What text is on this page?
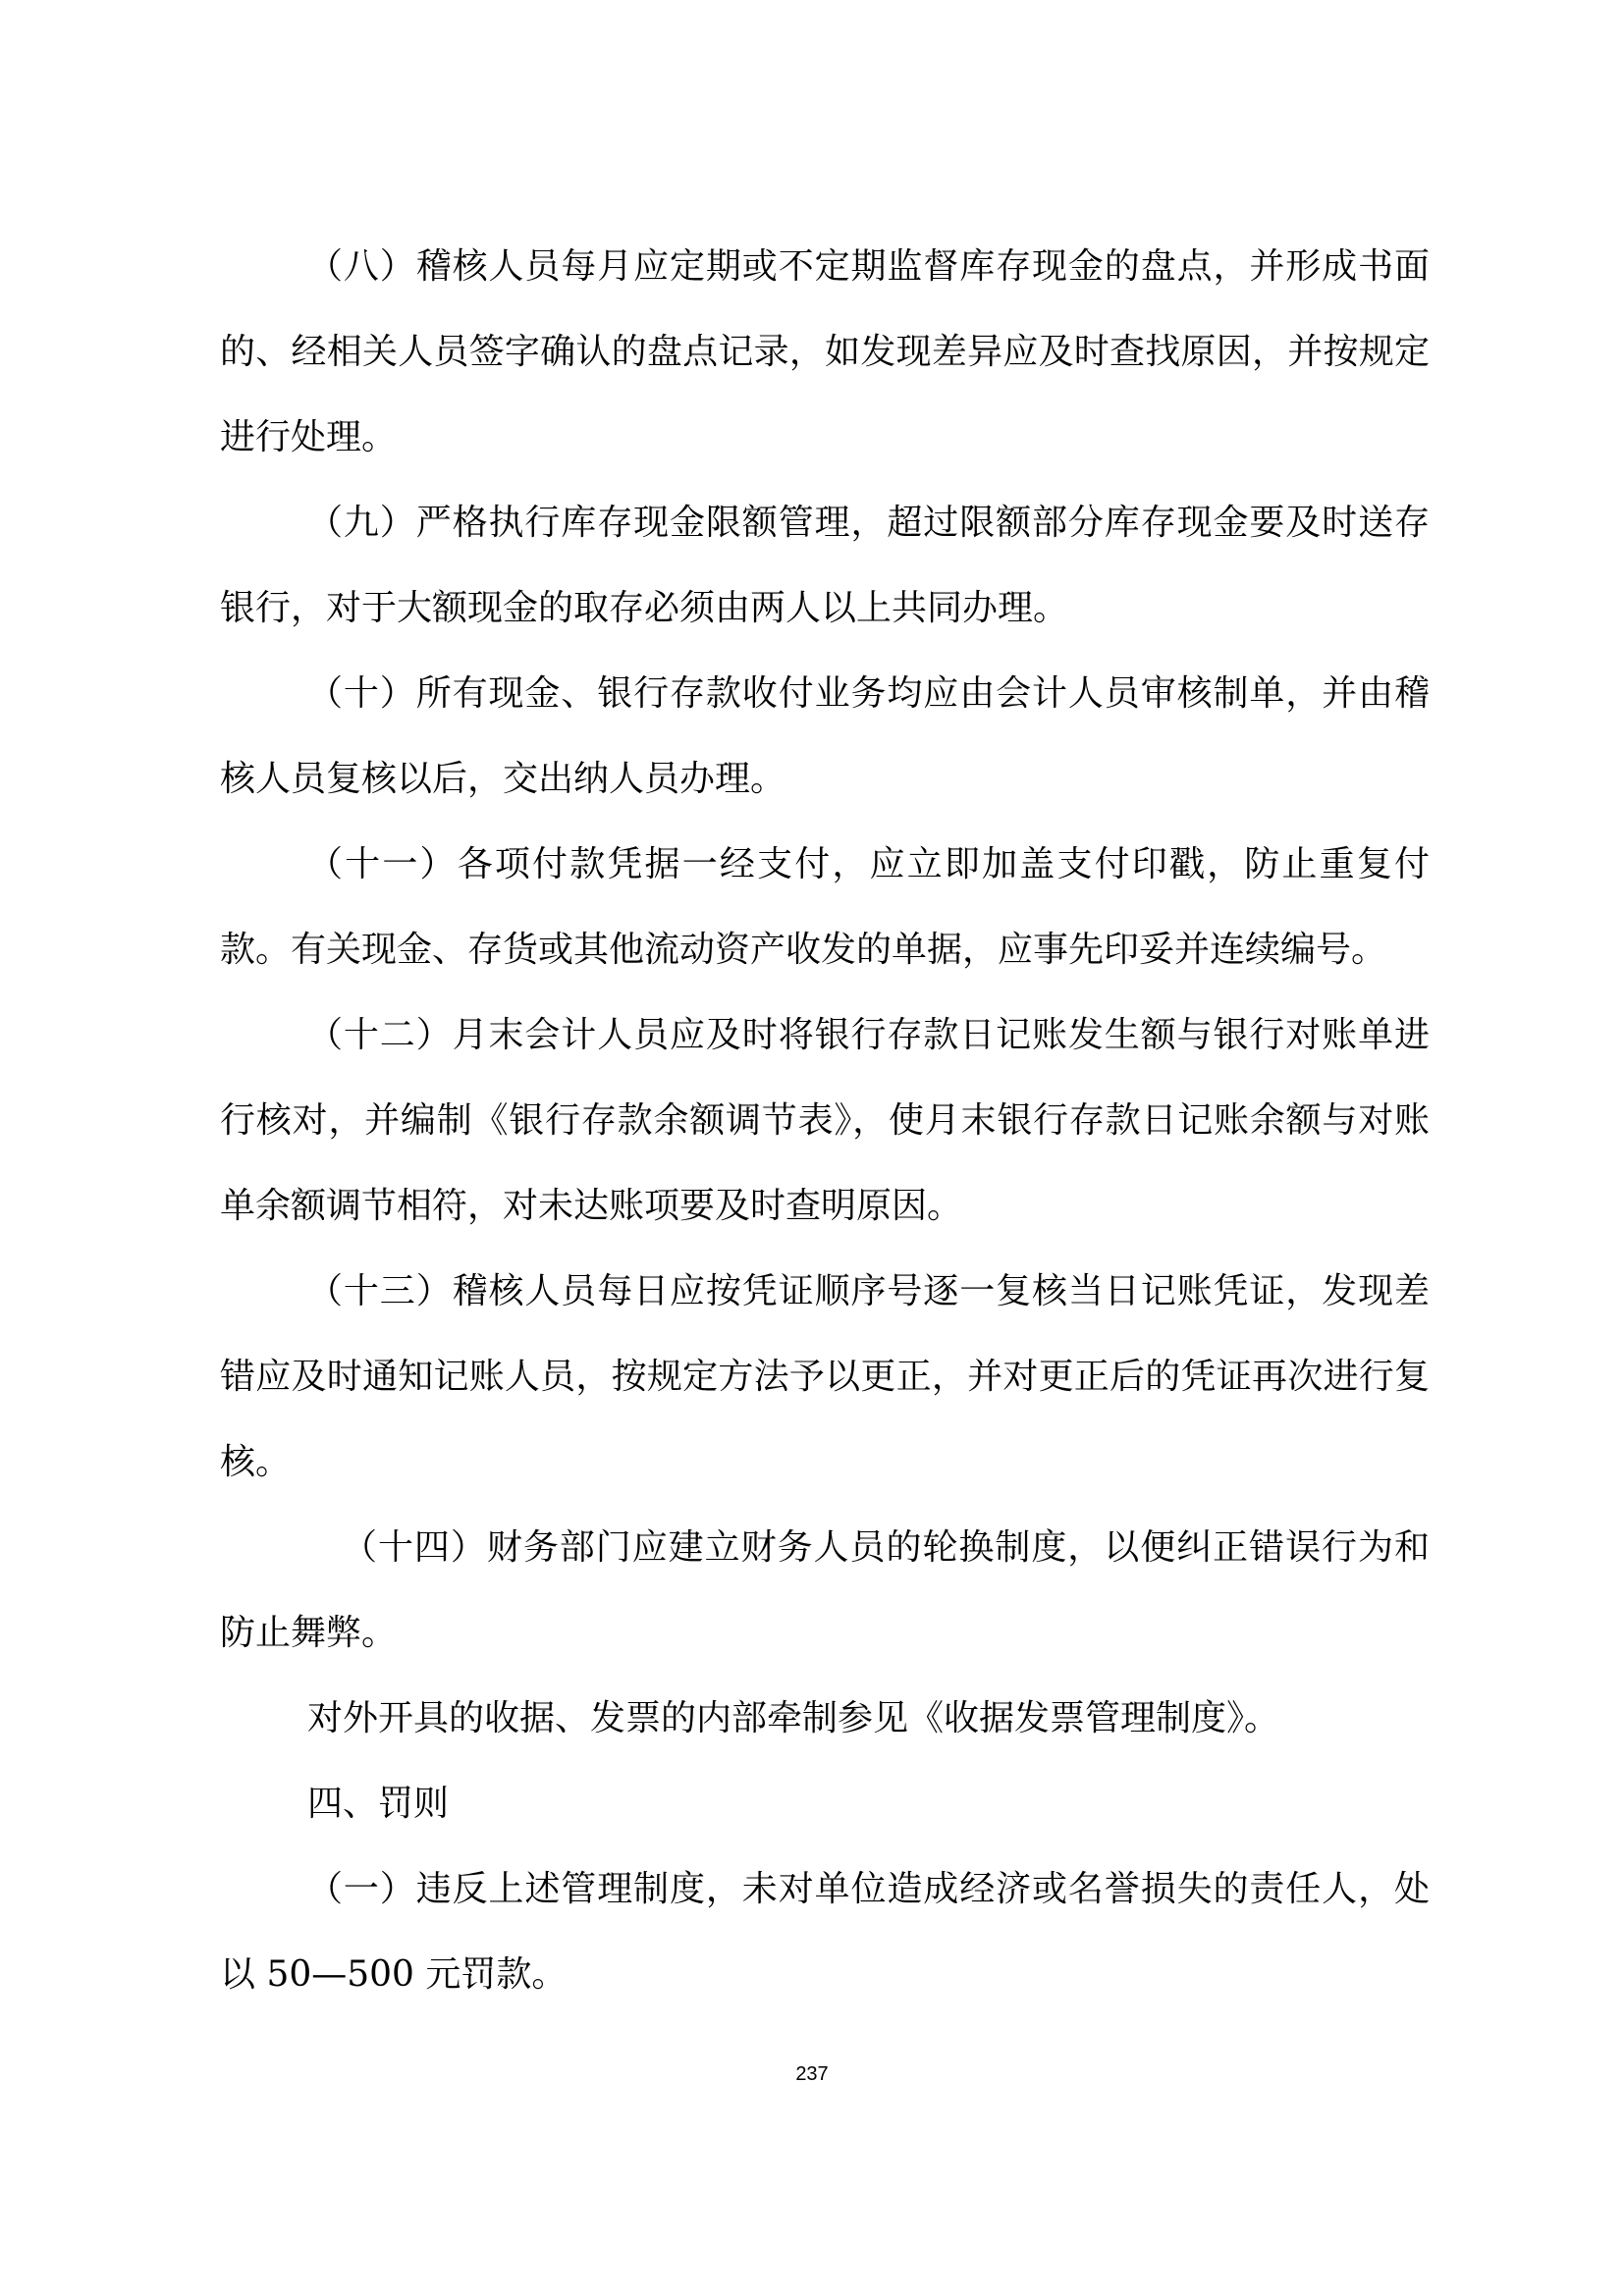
（八）稽核人员每月应定期或不定期监督库存现金的盘点，并形成书面的、经相关人员签字确认的盘点记录，如发现差异应及时查找原因，并按规定进行处理。

（九）严格执行库存现金限额管理，超过限额部分库存现金要及时送存银行，对于大额现金的取存必须由两人以上共同办理。

（十）所有现金、银行存款收付业务均应由会计人员审核制单，并由稽核人员复核以后，交出纳人员办理。

（十一）各项付款凭据一经支付，应立即加盖支付印戳，防止重复付款。有关现金、存货或其他流动资产收发的单据，应事先印妥并连续编号。

（十二）月末会计人员应及时将银行存款日记账发生额与银行对账单进行核对，并编制《银行存款余额调节表》，使月末银行存款日记账余额与对账单余额调节相符，对未达账项要及时查明原因。

（十三）稽核人员每日应按凭证顺序号逐一复核当日记账凭证，发现差错应及时通知记账人员，按规定方法予以更正，并对更正后的凭证再次进行复核。

（十四）财务部门应建立财务人员的轮换制度，以便纠正错误行为和防止舞弊。

对外开具的收据、发票的内部牵制参见《收据发票管理制度》。

四、罚则

（一）违反上述管理制度，未对单位造成经济或名誉损失的责任人，处以 50—500 元罚款。

237
